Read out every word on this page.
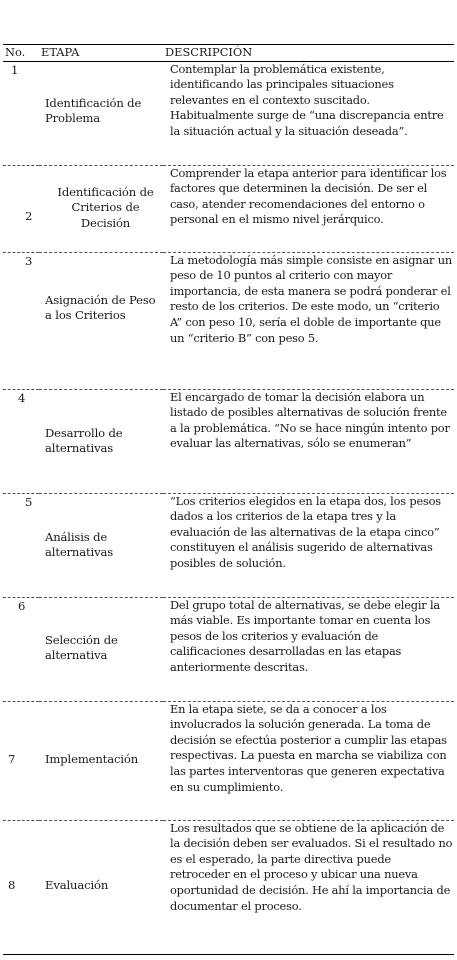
No.	ETAPA	DESCRIPCIÓN

1	Identificación de Problema	Contemplar la problemática existente, identificando las principales situaciones relevantes en el contexto suscitado. Habitualmente surge de “una discrepancia entre la situación actual y la situación deseada”.

2	Identificación de Criterios de Decisión	Comprender la etapa anterior para identificar los factores que determinen la decisión. De ser el caso, atender recomendaciones del entorno o personal en el mismo nivel jerárquico.

3	Asignación de Peso a los Criterios	La metodología más simple consiste en asignar un peso de 10 puntos al criterio con mayor importancia, de esta manera se podrá ponderar el resto de los criterios. De este modo, un “criterio A” con peso 10, sería el doble de importante que un “criterio B” con peso 5.

4	Desarrollo de alternativas	El encargado de tomar la decisión elabora un listado de posibles alternativas de solución frente a la problemática. “No se hace ningún intento por evaluar las alternativas, sólo se enumeran”

5	Análisis de alternativas	“Los criterios elegidos en la etapa dos, los pesos dados a los criterios de la etapa tres y la evaluación de las alternativas de la etapa cinco” constituyen el análisis sugerido de alternativas posibles de solución.

6	Selección de alternativa	Del grupo total de alternativas, se debe elegir la más viable. Es importante tomar en cuenta los pesos de los criterios y evaluación de calificaciones desarrolladas en las etapas anteriormente descritas.

7	Implementación	En la etapa siete, se da a conocer a los involucrados la solución generada. La toma de decisión se efectúa posterior a cumplir las etapas respectivas. La puesta en marcha se viabiliza con las partes interventoras que generen expectativa en su cumplimiento.

8	Evaluación	Los resultados que se obtiene de la aplicación de la decisión deben ser evaluados. Si el resultado no es el esperado, la parte directiva puede retroceder en el proceso y ubicar una nueva oportunidad de decisión. He ahí la importancia de documentar el proceso.
